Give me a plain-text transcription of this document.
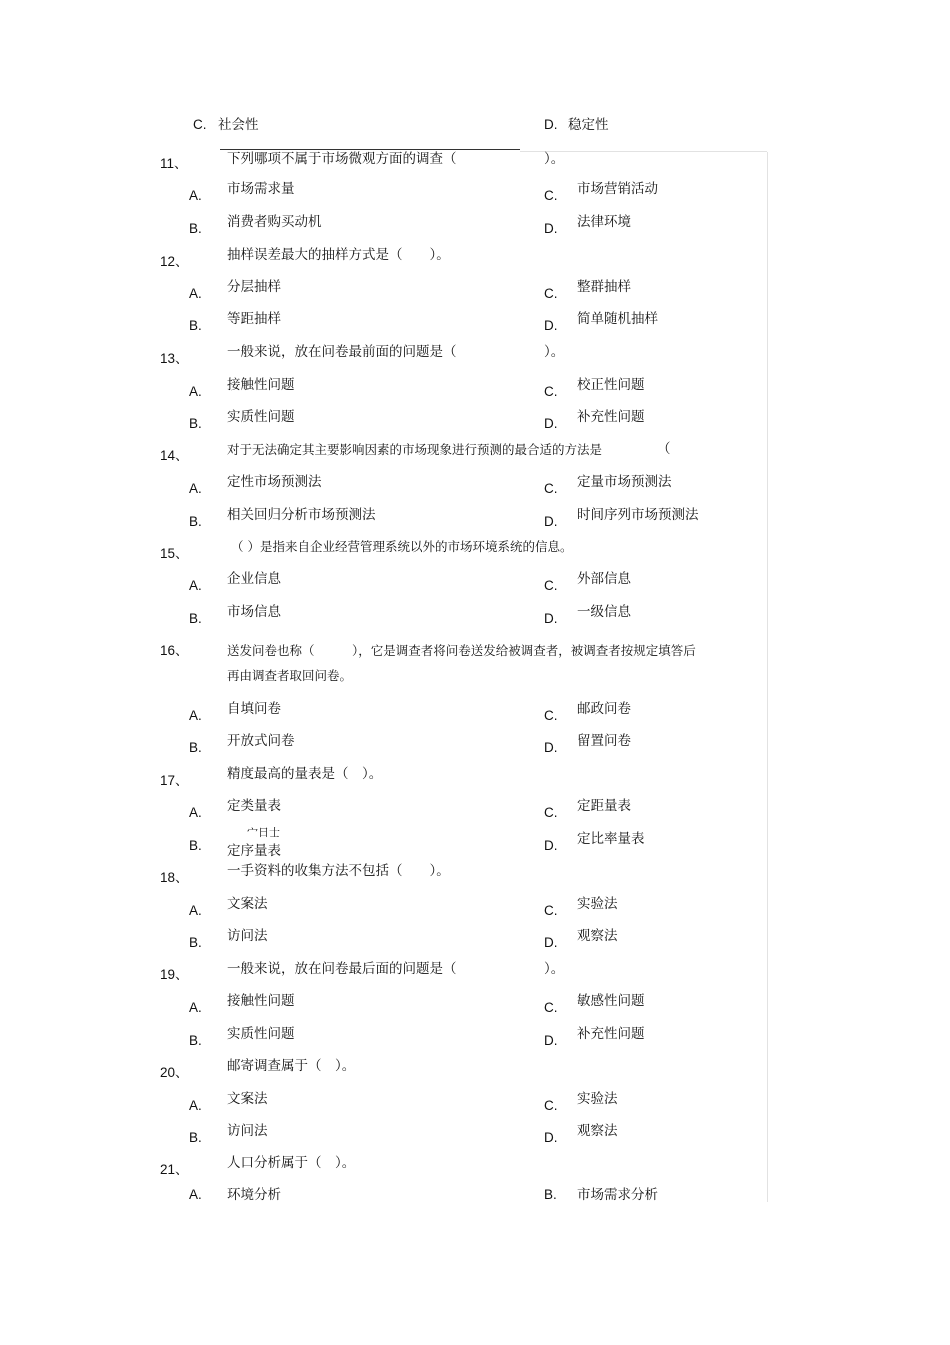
C. 社会性	D. 稳定性
11、	下列哪项不属于市场微观方面的调查（	）。
A. 市场需求量	C. 市场营销活动
B. 消费者购买动机	D. 法律环境
12、	抽样误差最大的抽样方式是（　　）。
A. 分层抽样	C. 整群抽样
B. 等距抽样	D. 简单随机抽样
13、	一般来说，放在问卷最前面的问题是（	）。
A. 接触性问题	C. 校正性问题
B. 实质性问题	D. 补充性问题
14、	对于无法确定其主要影响因素的市场现象进行预测的最合适的方法是	（
A. 定性市场预测法	C. 定量市场预测法
B. 相关回归分析市场预测法	D. 时间序列市场预测法
15、	（ ）是指来自企业经营管理系统以外的市场环境系统的信息。
A. 企业信息	C. 外部信息
B. 市场信息	D. 一级信息
16、	送发问卷也称（　　　），它是调查者将问卷送发给被调查者，被调查者按规定填答后
再由调查者取回问卷。
A. 自填问卷	C. 邮政问卷
B. 开放式问卷	D. 留置问卷
17、	精度最高的量表是（　）。
A. 定类量表	C. 定距量表
宀日士
B. 定序量表	D. 定比率量表
18、	一手资料的收集方法不包括（　　）。
A. 文案法	C. 实验法
B. 访问法	D. 观察法
19、	一般来说，放在问卷最后面的问题是（	）。
A. 接触性问题	C. 敏感性问题
B. 实质性问题	D. 补充性问题
20、	邮寄调查属于（　）。
A. 文案法	C. 实验法
B. 访问法	D. 观察法
21、	人口分析属于（　）。
A. 环境分析	B. 市场需求分析
